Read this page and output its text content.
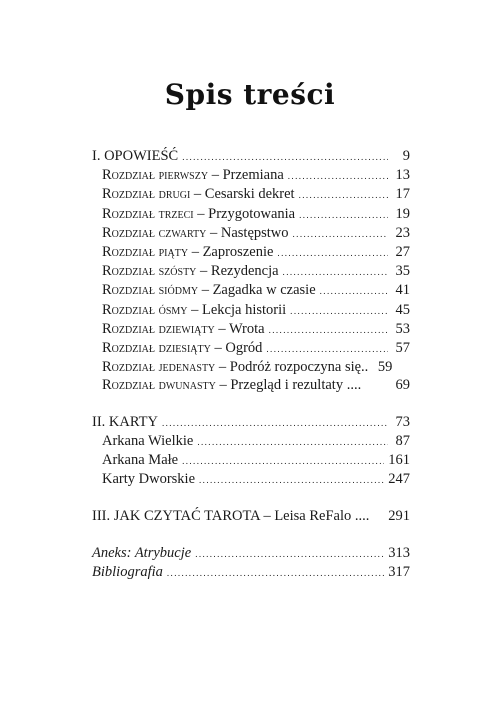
Spis treści
I. OPOWIEŚĆ .....	9
Rozdział pierwszy – Przemiana .....	13
Rozdział drugi – Cesarski dekret .....	17
Rozdział trzeci – Przygotowania .....	19
Rozdział czwarty – Następstwo .....	23
Rozdział piąty – Zaproszenie .....	27
Rozdział szósty – Rezydencja .....	35
Rozdział siódmy – Zagadka w czasie .....	41
Rozdział ósmy – Lekcja historii .....	45
Rozdział dziewiąty – Wrota .....	53
Rozdział dziesiąty – Ogród .....	57
Rozdział jedenasty – Podróż rozpoczyna się.. 59
Rozdział dwunasty – Przegląd i rezultaty .... 69
II. KARTY .....	73
Arkana Wielkie .....	87
Arkana Małe .....	161
Karty Dworskie .....	247
III. JAK CZYTAĆ TAROTA – Leisa ReFalo .... 291
Aneks: Atrybucje .....	313
Bibliografia .....	317
